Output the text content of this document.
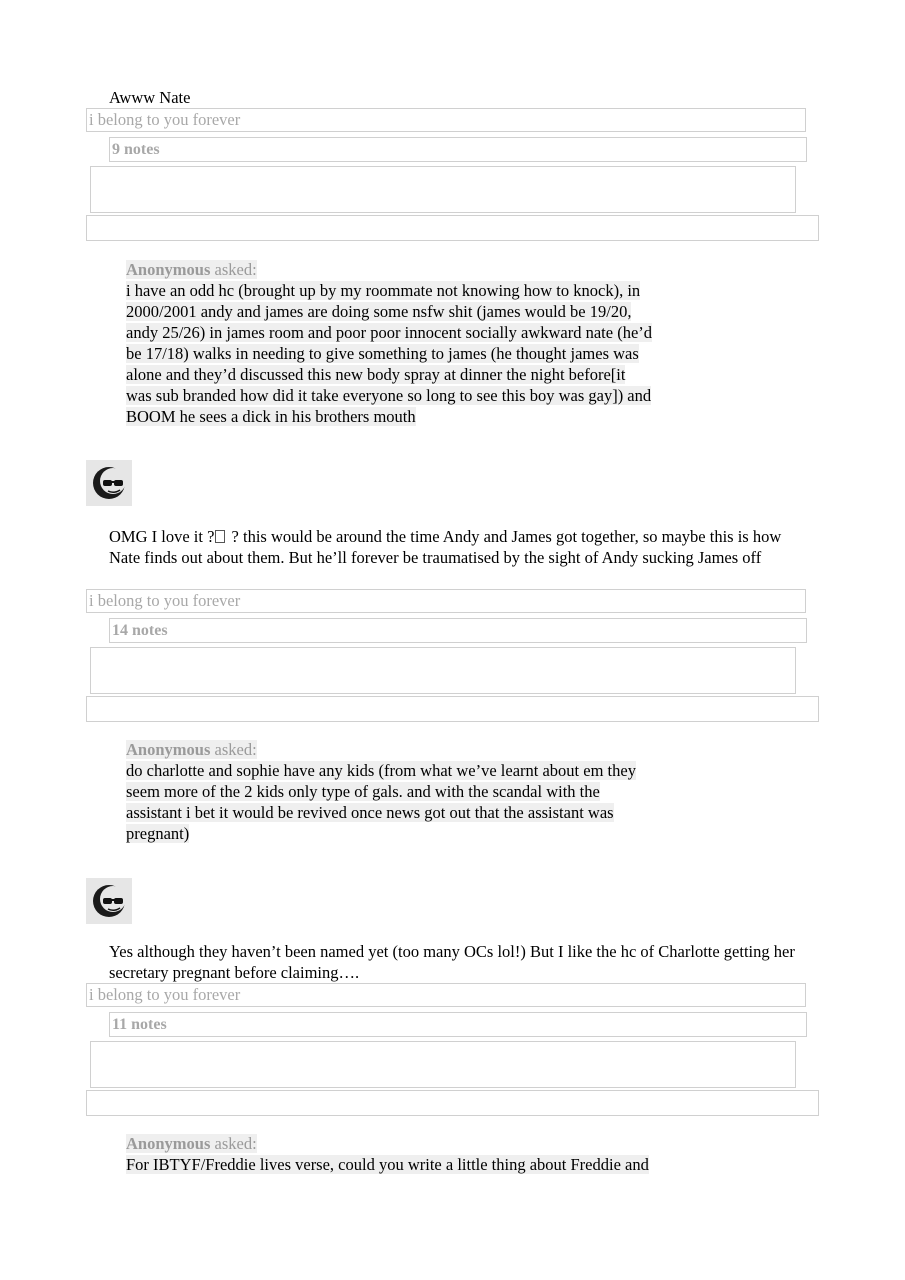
Awww Nate
i belong to you forever
9 notes
Anonymous asked:
i have an odd hc (brought up by my roommate not knowing how to knock), in
2000/2001 andy and james are doing some nsfw shit (james would be 19/20,
andy 25/26) in james room and poor poor innocent socially awkward nate (he’d
be 17/18) walks in needing to give something to james (he thought james was
alone and they’d discussed this new body spray at dinner the night before[it
was sub branded how did it take everyone so long to see this boy was gay]) and
BOOM he sees a dick in his brothers mouth
OMG I love it ? ? this would be around the time Andy and James got together, so maybe this is how Nate finds out about them. But he’ll forever be traumatised by the sight of Andy sucking James off
i belong to you forever
14 notes
Anonymous asked:
do charlotte and sophie have any kids (from what we’ve learnt about em they
seem more of the 2 kids only type of gals. and with the scandal with the
assistant i bet it would be revived once news got out that the assistant was
pregnant)
Yes although they haven’t been named yet (too many OCs lol!) But I like the hc of Charlotte getting her secretary pregnant before claiming….
i belong to you forever
11 notes
Anonymous asked:
For IBTYF/Freddie lives verse, could you write a little thing about Freddie and
